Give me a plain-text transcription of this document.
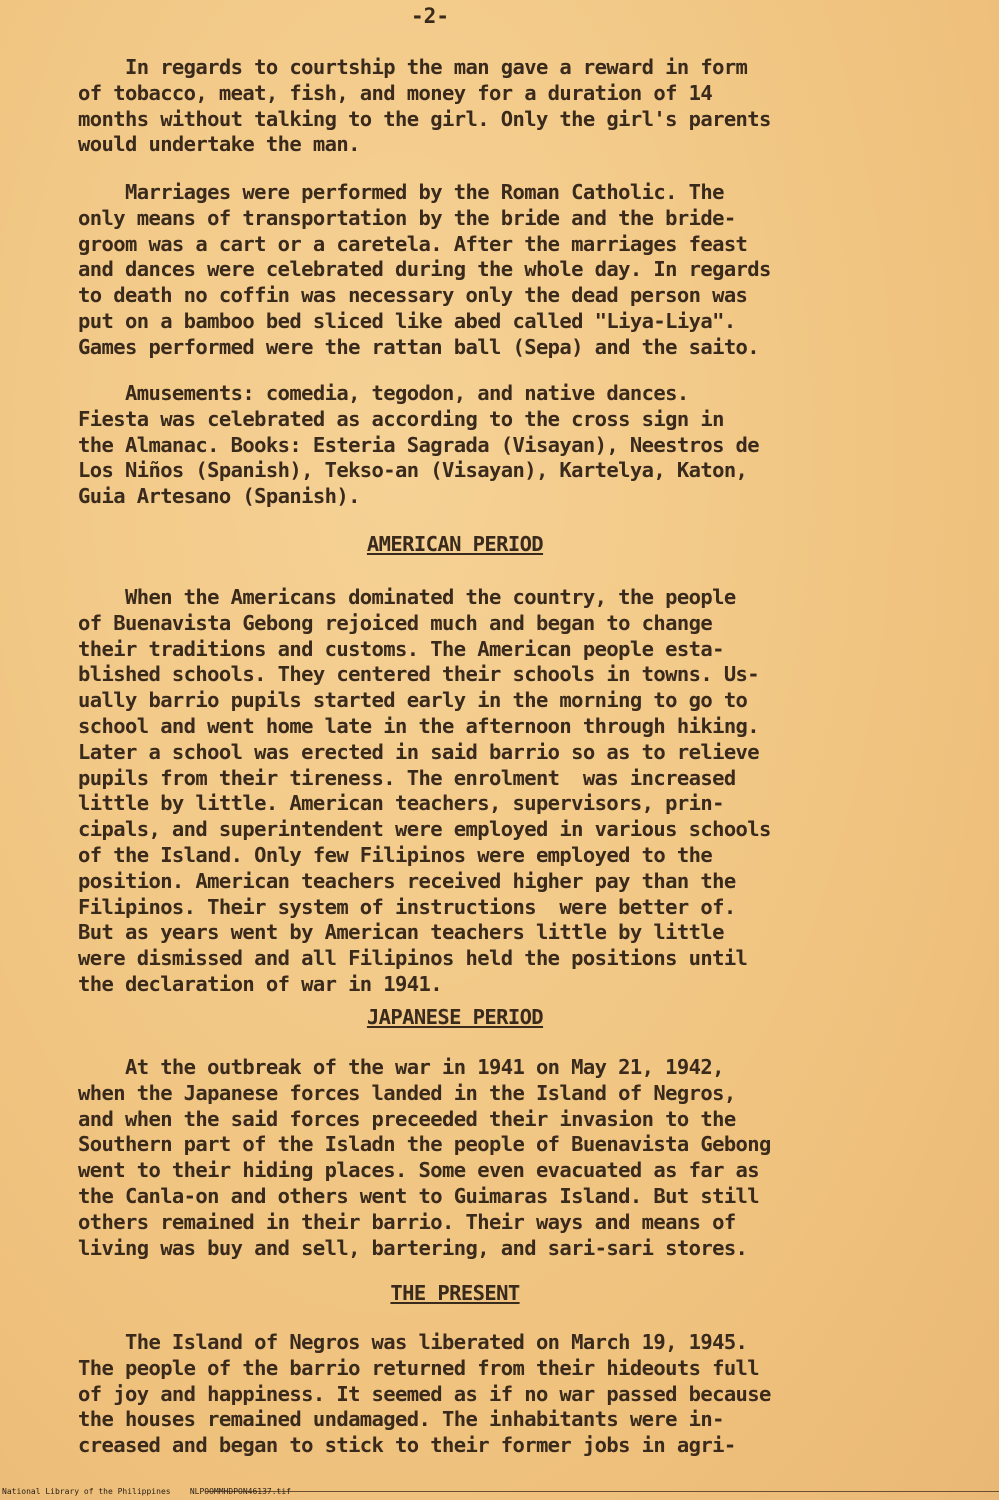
-2-

In regards to courtship the man gave a reward in form
of tobacco, meat, fish, and money for a duration of 14
months without talking to the girl. Only the girl's parents
would undertake the man.

Marriages were performed by the Roman Catholic. The
only means of transportation by the bride and the bride-
groom was a cart or a caretela. After the marriages feast
and dances were celebrated during the whole day. In regards
to death no coffin was necessary only the dead person was
put on a bamboo bed sliced like abed called "Liya-Liya".
Games performed were the rattan ball (Sepa) and the saito.

Amusements: comedia, tegodon, and native dances.
Fiesta was celebrated as according to the cross sign in
the Almanac. Books: Esteria Sagrada (Visayan), Neestros de
Los Niños (Spanish), Tekso-an (Visayan), Kartelya, Katon,
Guia Artesano (Spanish).

AMERICAN PERIOD

When the Americans dominated the country, the people
of Buenavista Gebong rejoiced much and began to change
their traditions and customs. The American people esta-
blished schools. They centered their schools in towns. Us-
ually barrio pupils started early in the morning to go to
school and went home late in the afternoon through hiking.
Later a school was erected in said barrio so as to relieve
pupils from their tireness. The enrolment  was increased
little by little. American teachers, supervisors, prin-
cipals, and superintendent were employed in various schools
of the Island. Only few Filipinos were employed to the
position. American teachers received higher pay than the
Filipinos. Their system of instructions  were better of.
But as years went by American teachers little by little
were dismissed and all Filipinos held the positions until
the declaration of war in 1941.

JAPANESE PERIOD

At the outbreak of the war in 1941 on May 21, 1942,
when the Japanese forces landed in the Island of Negros,
and when the said forces preceeded their invasion to the
Southern part of the Isladn the people of Buenavista Gebong
went to their hiding places. Some even evacuated as far as
the Canla-on and others went to Guimaras Island. But still
others remained in their barrio. Their ways and means of
living was buy and sell, bartering, and sari-sari stores.

THE PRESENT

The Island of Negros was liberated on March 19, 1945.
The people of the barrio returned from their hideouts full
of joy and happiness. It seemed as if no war passed because
the houses remained undamaged. The inhabitants were in-
creased and began to stick to their former jobs in agri-

National Library of the Philippines    NLPOOMMHDPON46137.tif
